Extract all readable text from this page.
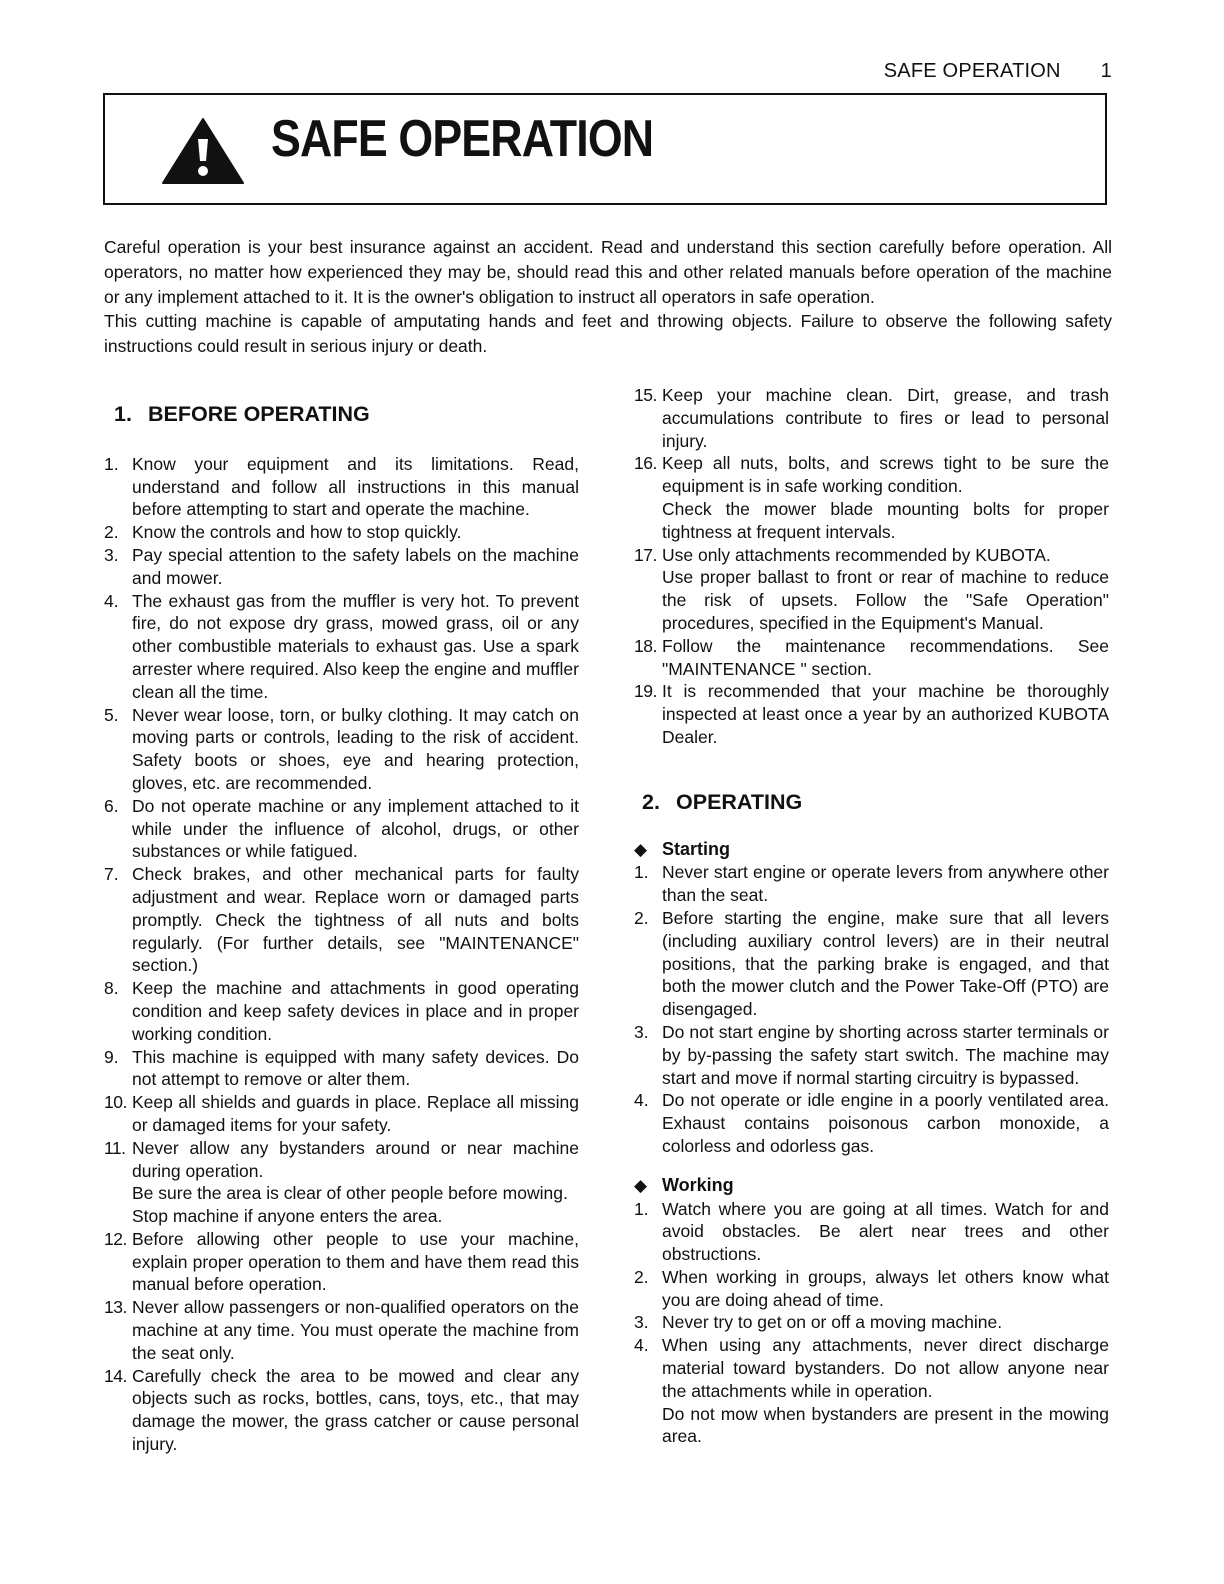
SAFE OPERATION 1
SAFE OPERATION

Careful operation is your best insurance against an accident. Read and understand this section carefully before operation. All operators, no matter how experienced they may be, should read this and other related manuals before operation of the machine or any implement attached to it. It is the owner's obligation to instruct all operators in safe operation.

This cutting machine is capable of amputating hands and feet and throwing objects. Failure to observe the following safety instructions could result in serious injury or death.

1. BEFORE OPERATING
1. Know your equipment and its limitations. Read, understand and follow all instructions in this manual before attempting to start and operate the machine.
2. Know the controls and how to stop quickly.
3. Pay special attention to the safety labels on the machine and mower.
4. The exhaust gas from the muffler is very hot. To prevent fire, do not expose dry grass, mowed grass, oil or any other combustible materials to exhaust gas. Use a spark arrester where required. Also keep the engine and muffler clean all the time.
5. Never wear loose, torn, or bulky clothing. It may catch on moving parts or controls, leading to the risk of accident. Safety boots or shoes, eye and hearing protection, gloves, etc. are recommended.
6. Do not operate machine or any implement attached to it while under the influence of alcohol, drugs, or other substances or while fatigued.
7. Check brakes, and other mechanical parts for faulty adjustment and wear. Replace worn or damaged parts promptly. Check the tightness of all nuts and bolts regularly. (For further details, see "MAINTENANCE" section.)
8. Keep the machine and attachments in good operating condition and keep safety devices in place and in proper working condition.
9. This machine is equipped with many safety devices. Do not attempt to remove or alter them.
10. Keep all shields and guards in place. Replace all missing or damaged items for your safety.
11. Never allow any bystanders around or near machine during operation.
Be sure the area is clear of other people before mowing.
Stop machine if anyone enters the area.
12. Before allowing other people to use your machine, explain proper operation to them and have them read this manual before operation.
13. Never allow passengers or non-qualified operators on the machine at any time. You must operate the machine from the seat only.
14. Carefully check the area to be mowed and clear any objects such as rocks, bottles, cans, toys, etc., that may damage the mower, the grass catcher or cause personal injury.
15. Keep your machine clean. Dirt, grease, and trash accumulations contribute to fires or lead to personal injury.
16. Keep all nuts, bolts, and screws tight to be sure the equipment is in safe working condition.
Check the mower blade mounting bolts for proper tightness at frequent intervals.
17. Use only attachments recommended by KUBOTA.
Use proper ballast to front or rear of machine to reduce the risk of upsets. Follow the "Safe Operation" procedures, specified in the Equipment's Manual.
18. Follow the maintenance recommendations. See "MAINTENANCE " section.
19. It is recommended that your machine be thoroughly inspected at least once a year by an authorized KUBOTA Dealer.
2. OPERATING

◆ Starting

1. Never start engine or operate levers from anywhere other than the seat.
2. Before starting the engine, make sure that all levers (including auxiliary control levers) are in their neutral positions, that the parking brake is engaged, and that both the mower clutch and the Power Take-Off (PTO) are disengaged.
3. Do not start engine by shorting across starter terminals or by by-passing the safety start switch. The machine may start and move if normal starting circuitry is bypassed.
4. Do not operate or idle engine in a poorly ventilated area. Exhaust contains poisonous carbon monoxide, a colorless and odorless gas.

◆ Working

1. Watch where you are going at all times. Watch for and avoid obstacles. Be alert near trees and other obstructions.
2. When working in groups, always let others know what you are doing ahead of time.
3. Never try to get on or off a moving machine.
4. When using any attachments, never direct discharge material toward bystanders. Do not allow anyone near the attachments while in operation.
Do not mow when bystanders are present in the mowing area.
